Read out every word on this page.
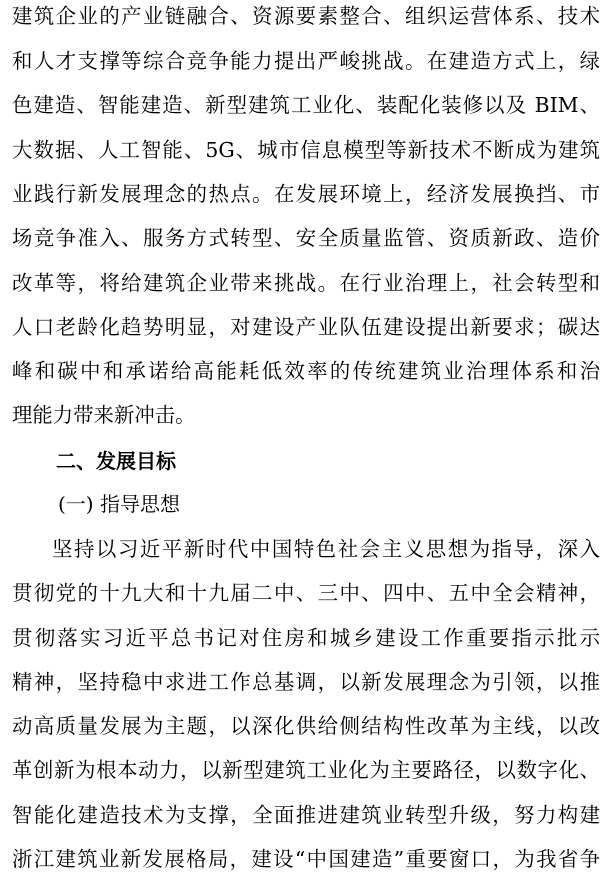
建筑企业的产业链融合、资源要素整合、组织运营体系、技术
和人才支撑等综合竞争能力提出严峻挑战。在建造方式上，绿
色建造、智能建造、新型建筑工业化、装配化装修以及 BIM、
大数据、人工智能、5G、城市信息模型等新技术不断成为建筑
业践行新发展理念的热点。在发展环境上，经济发展换挡、市
场竞争准入、服务方式转型、安全质量监管、资质新政、造价
改革等，将给建筑企业带来挑战。在行业治理上，社会转型和
人口老龄化趋势明显，对建设产业队伍建设提出新要求；碳达
峰和碳中和承诺给高能耗低效率的传统建筑业治理体系和治
理能力带来新冲击。
二、发展目标
(一) 指导思想
坚持以习近平新时代中国特色社会主义思想为指导，深入
贯彻党的十九大和十九届二中、三中、四中、五中全会精神，
贯彻落实习近平总书记对住房和城乡建设工作重要指示批示
精神，坚持稳中求进工作总基调，以新发展理念为引领，以推
动高质量发展为主题，以深化供给侧结构性改革为主线，以改
革创新为根本动力，以新型建筑工业化为主要路径，以数字化、
智能化建造技术为支撑，全面推进建筑业转型升级，努力构建
浙江建筑业新发展格局，建设“中国建造”重要窗口，为我省争
